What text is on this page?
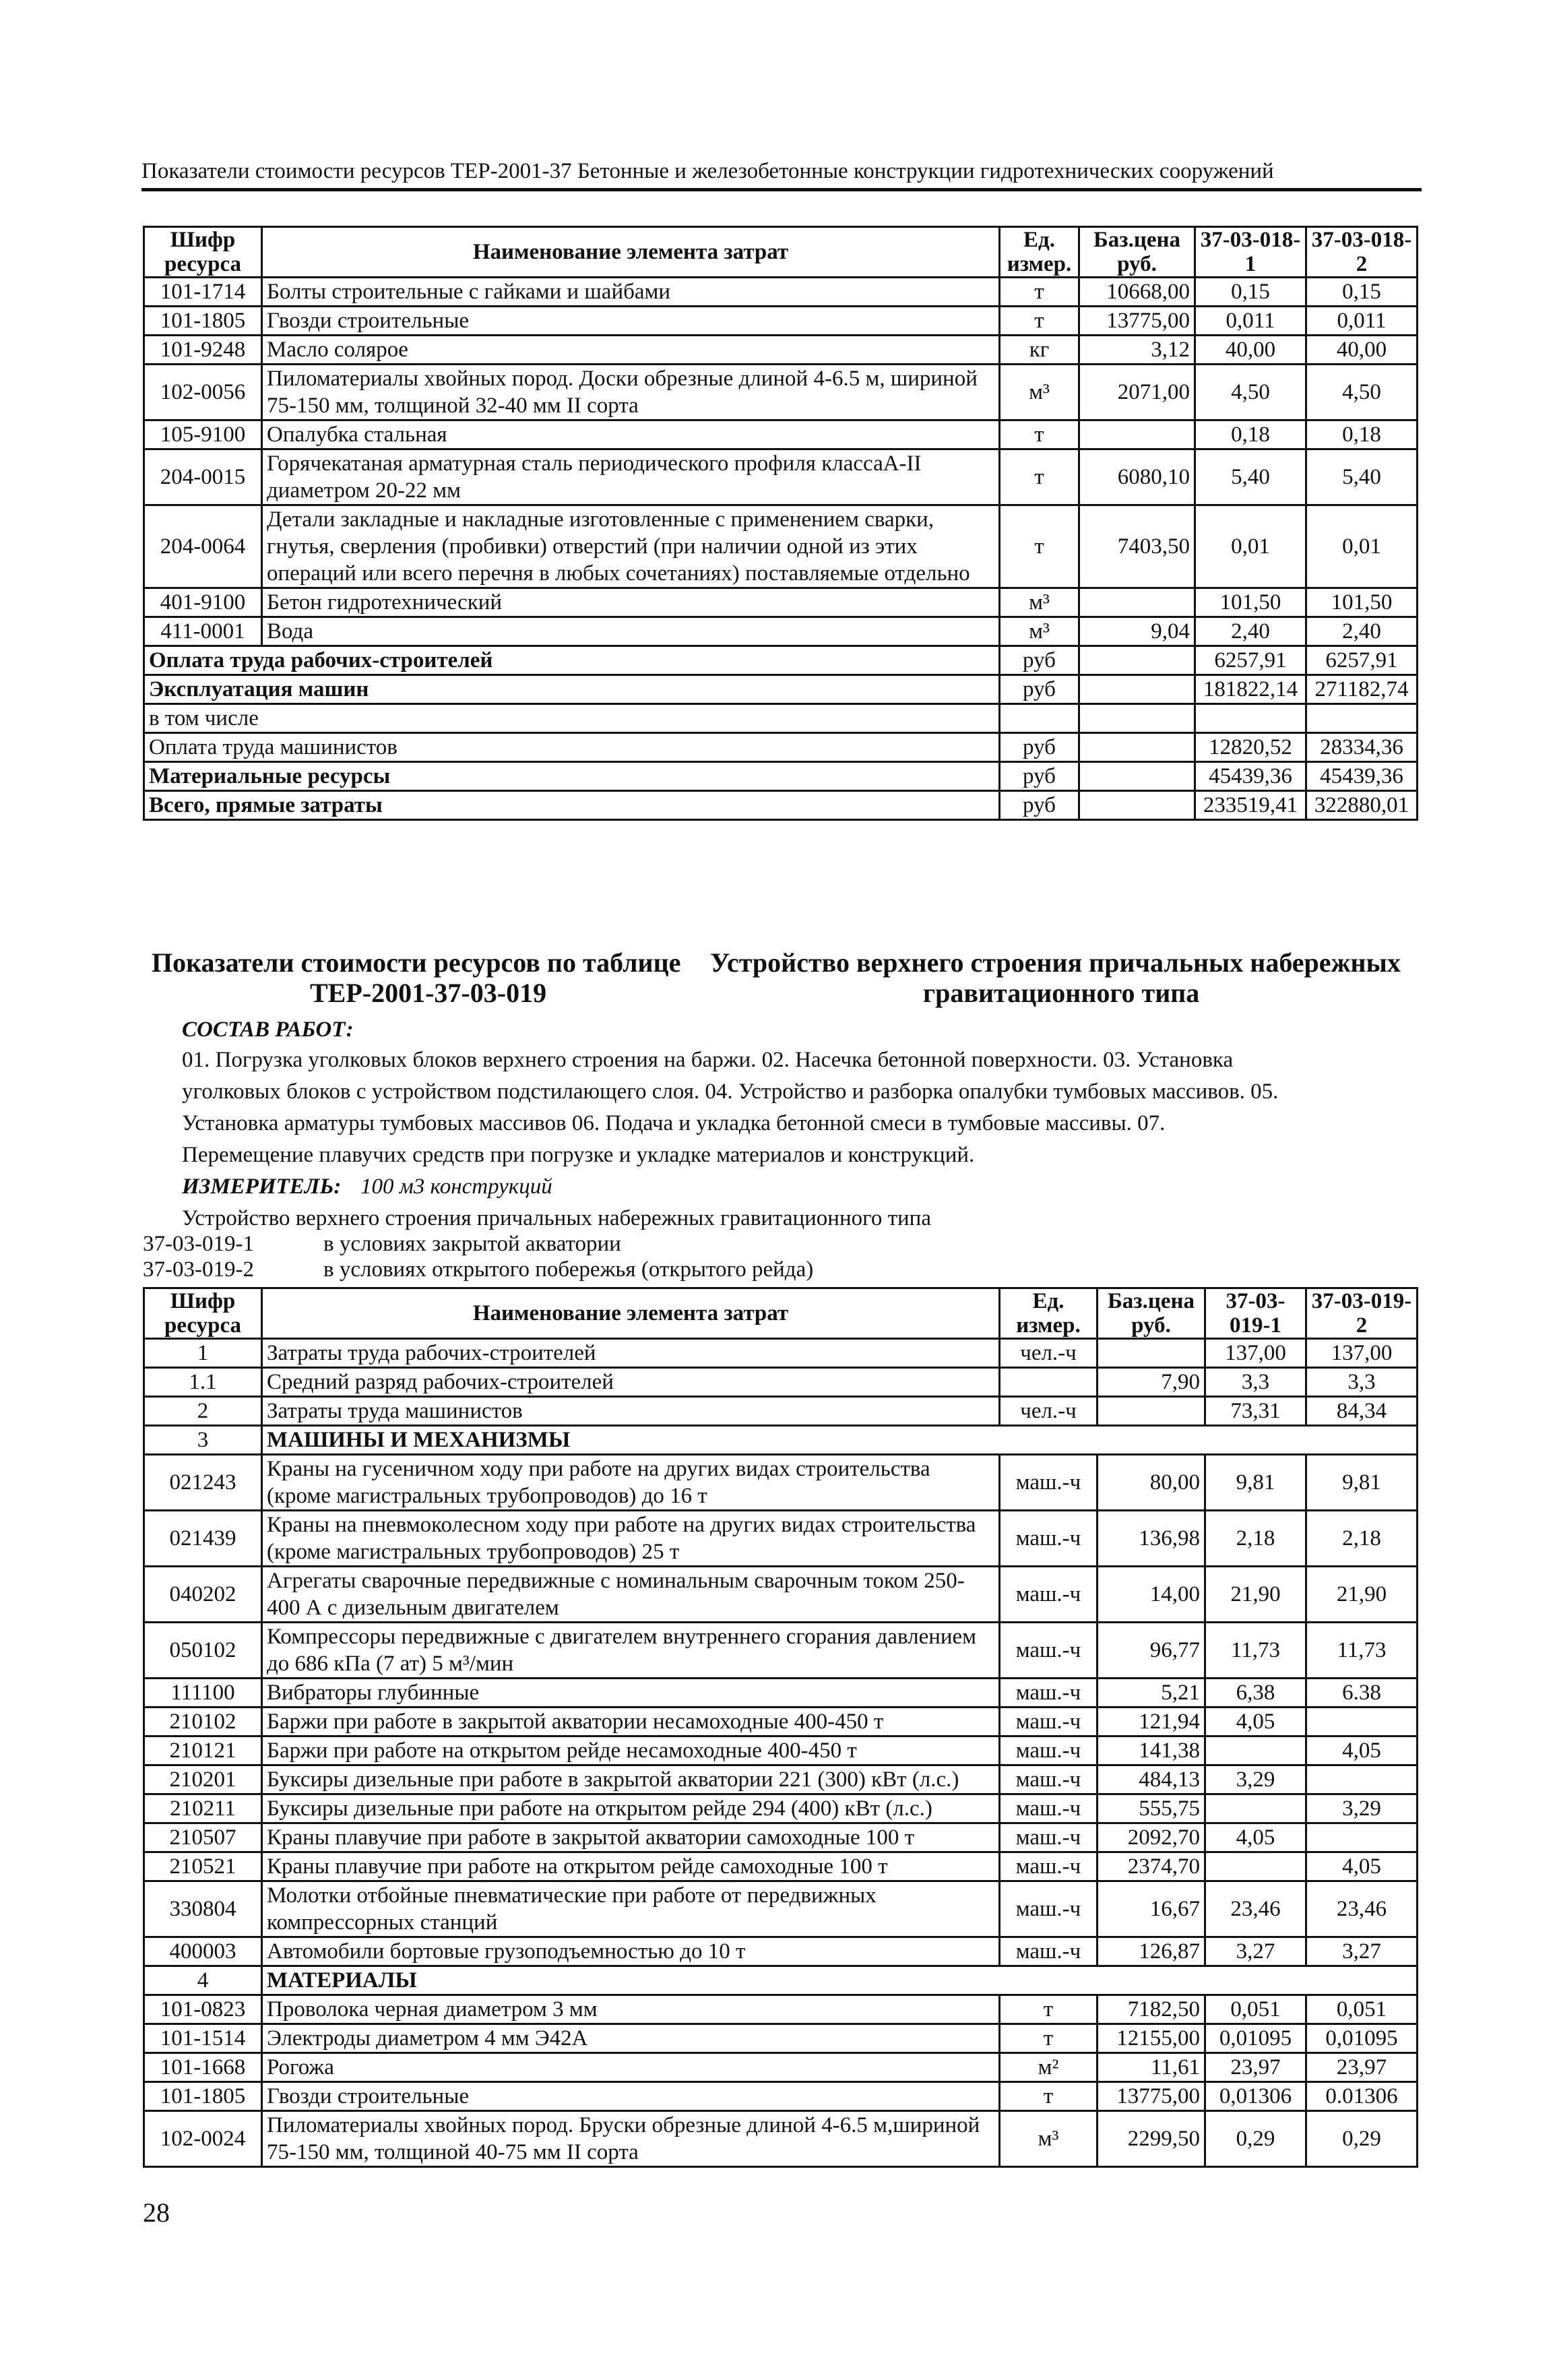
Показатели стоимости ресурсов ТЕР-2001-37 Бетонные и железобетонные конструкции гидротехнических сооружений
Шифр ресурса	Наименование элемента затрат	Ед. измер.	Баз.цена руб.	37-03-018-1	37-03-018-2
101-1714	Болты строительные с гайками и шайбами	т	10668,00	0,15	0,15
101-1805	Гвозди строительные	т	13775,00	0,011	0,011
101-9248	Масло соляроe	кг	3,12	40,00	40,00
102-0056	Пиломатериалы хвойных пород. Доски обрезные длиной 4-6.5 м, шириной 75-150 мм, толщиной 32-40 мм II сорта	м³	2071,00	4,50	4,50
105-9100	Опалубка стальная	т		0,18	0,18
204-0015	Горячекатаная арматурная сталь периодического профиля классаА-II диаметром 20-22 мм	т	6080,10	5,40	5,40
204-0064	Детали закладные и накладные изготовленные с применением сварки, гнутья, сверления (пробивки) отверстий (при наличии одной из этих операций или всего перечня в любых сочетаниях) поставляемые отдельно	т	7403,50	0,01	0,01
401-9100	Бетон гидротехнический	м³		101,50	101,50
411-0001	Вода	м³	9,04	2,40	2,40
Оплата труда рабочих-строителей		руб		6257,91	6257,91
Эксплуатация машин		руб		181822,14	271182,74
в том числе					
Оплата труда машинистов		руб		12820,52	28334,36
Материальные ресурсы		руб		45439,36	45439,36
Всего, прямые затраты		руб		233519,41	322880,01
Показатели стоимости ресурсов по таблице Устройство верхнего строения причальных набережных
ТЕР-2001-37-03-019	гравитационного типа
СОСТАВ РАБОТ:
01. Погрузка уголковых блоков верхнего строения на баржи. 02. Насечка бетонной поверхности. 03. Установка
уголковых блоков с устройством подстилающего слоя. 04. Устройство и разборка опалубки тумбовых массивов. 05.
Установка арматуры тумбовых массивов 06. Подача и укладка бетонной смеси в тумбовые массивы. 07.
Перемещение плавучих средств при погрузке и укладке материалов и конструкций.
ИЗМЕРИТЕЛЬ: 100 м3 конструкций
Устройство верхнего строения причальных набережных гравитационного типа
37-03-019-1	в условиях закрытой акватории
37-03-019-2	в условиях открытого побережья (открытого рейда)
Шифр ресурса	Наименование элемента затрат	Ед. измер.	Баз.цена руб.	37-03-019-1	37-03-019-2
1	Затраты труда рабочих-строителей	чел.-ч		137,00	137,00
1.1	Средний разряд рабочих-строителей		7,90	3,3	3,3
2	Затраты труда машинистов	чел.-ч		73,31	84,34
3	МАШИНЫ И МЕХАНИЗМЫ				
021243	Краны на гусеничном ходу при работе на других видах строительства (кроме магистральных трубопроводов) до 16 т	маш.-ч	80,00	9,81	9,81
021439	Краны на пневмоколесном ходу при работе на других видах строительства (кроме магистральных трубопроводов) 25 т	маш.-ч	136,98	2,18	2,18
040202	Агрегаты сварочные передвижные с номинальным сварочным током 250-400 А с дизельным двигателем	маш.-ч	14,00	21,90	21,90
050102	Компрессоры передвижные с двигателем внутреннего сгорания давлением до 686 кПа (7 ат) 5 м³/мин	маш.-ч	96,77	11,73	11,73
111100	Вибраторы глубинные	маш.-ч	5,21	6,38	6.38
210102	Баржи при работе в закрытой акватории несамоходные 400-450 т	маш.-ч	121,94	4,05	
210121	Баржи при работе на открытом рейде несамоходные 400-450 т	маш.-ч	141,38		4,05
210201	Буксиры дизельные при работе в закрытой акватории 221 (300) кВт (л.с.)	маш.-ч	484,13	3,29	
210211	Буксиры дизельные при работе на открытом рейде 294 (400) кВт (л.с.)	маш.-ч	555,75		3,29
210507	Краны плавучие при работе в закрытой акватории самоходные 100 т	маш.-ч	2092,70	4,05	
210521	Краны плавучие при работе на открытом рейде самоходные 100 т	маш.-ч	2374,70		4,05
330804	Молотки отбойные пневматические при работе от передвижных компрессорных станций	маш.-ч	16,67	23,46	23,46
400003	Автомобили бортовые грузоподъемностью до 10 т	маш.-ч	126,87	3,27	3,27
4	МАТЕРИАЛЫ				
101-0823	Проволока черная диаметром 3 мм	т	7182,50	0,051	0,051
101-1514	Электроды диаметром 4 мм Э42А	т	12155,00	0,01095	0,01095
101-1668	Рогожа	м²	11,61	23,97	23,97
101-1805	Гвозди строительные	т	13775,00	0,01306	0.01306
102-0024	Пиломатериалы хвойных пород. Бруски обрезные длиной 4-6.5 м,шириной 75-150 мм, толщиной 40-75 мм II сорта	м³	2299,50	0,29	0,29
28
